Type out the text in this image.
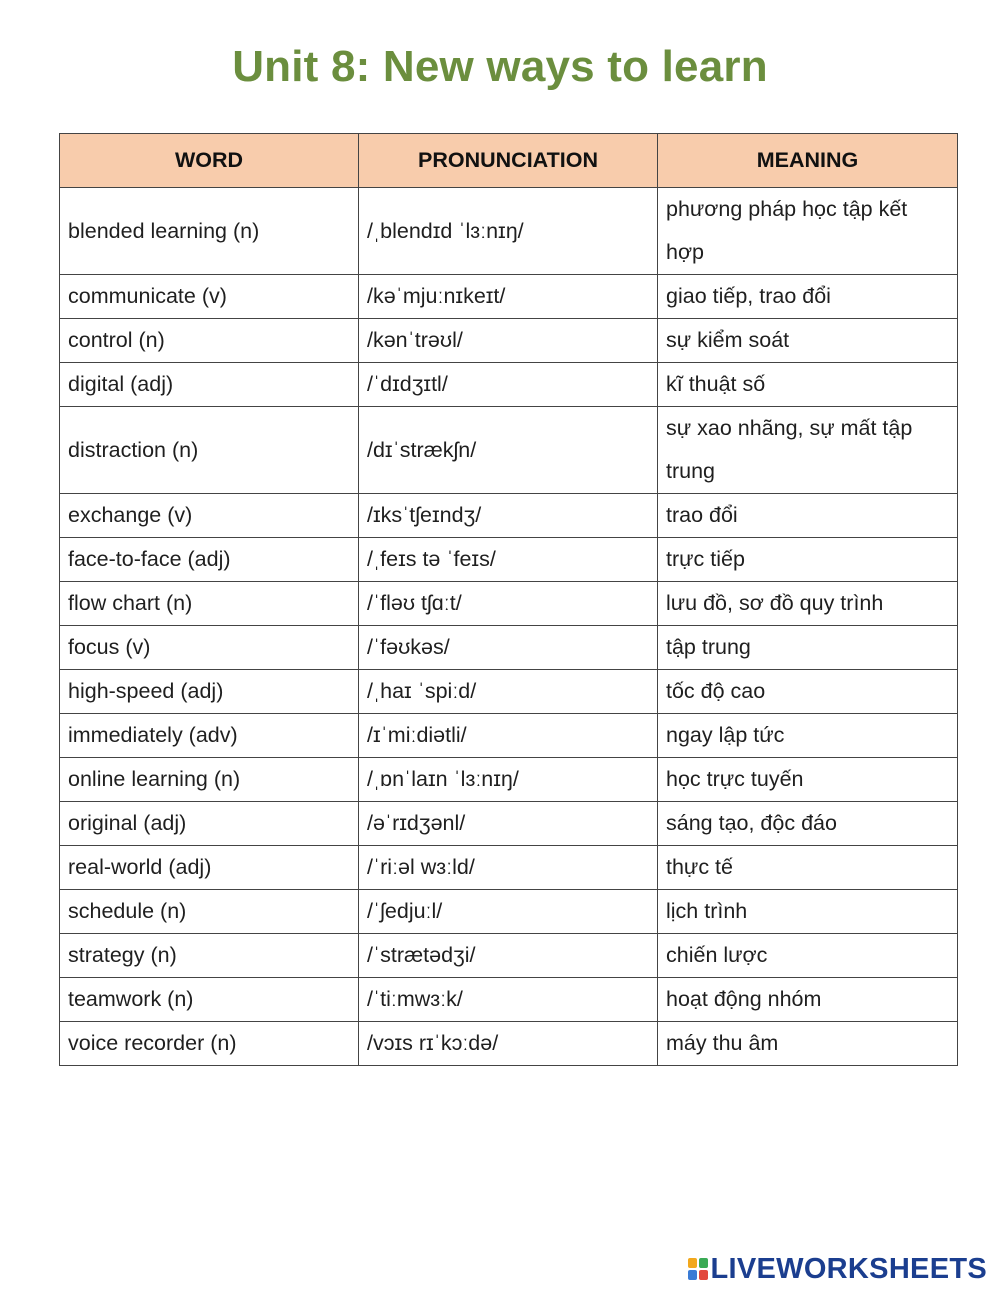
Unit 8: New ways to learn
WORD	PRONUNCIATION	MEANING
blended learning (n)	/ˌblendɪd ˈlɜːnɪŋ/	phương pháp học tập kết hợp
communicate (v)	/kəˈmjuːnɪkeɪt/	giao tiếp, trao đổi
control (n)	/kənˈtrəʊl/	sự kiểm soát
digital (adj)	/ˈdɪdʒɪtl/	kĩ thuật số
distraction (n)	/dɪˈstrækʃn/	sự xao nhãng, sự mất tập trung
exchange (v)	/ɪksˈtʃeɪndʒ/	trao đổi
face-to-face (adj)	/ˌfeɪs tə ˈfeɪs/	trực tiếp
flow chart (n)	/ˈfləʊ tʃɑːt/	lưu đồ, sơ đồ quy trình
focus (v)	/ˈfəʊkəs/	tập trung
high-speed (adj)	/ˌhaɪ ˈspiːd/	tốc độ cao
immediately (adv)	/ɪˈmiːdiətli/	ngay lập tức
online learning (n)	/ˌɒnˈlaɪn ˈlɜːnɪŋ/	học trực tuyến
original (adj)	/əˈrɪdʒənl/	sáng tạo, độc đáo
real-world (adj)	/ˈriːəl wɜːld/	thực tế
schedule (n)	/ˈʃedjuːl/	lịch trình
strategy (n)	/ˈstrætədʒi/	chiến lược
teamwork (n)	/ˈtiːmwɜːk/	hoạt động nhóm
voice recorder (n)	/vɔɪs rɪˈkɔːdə/	máy thu âm
LIVEWORKSHEETS
